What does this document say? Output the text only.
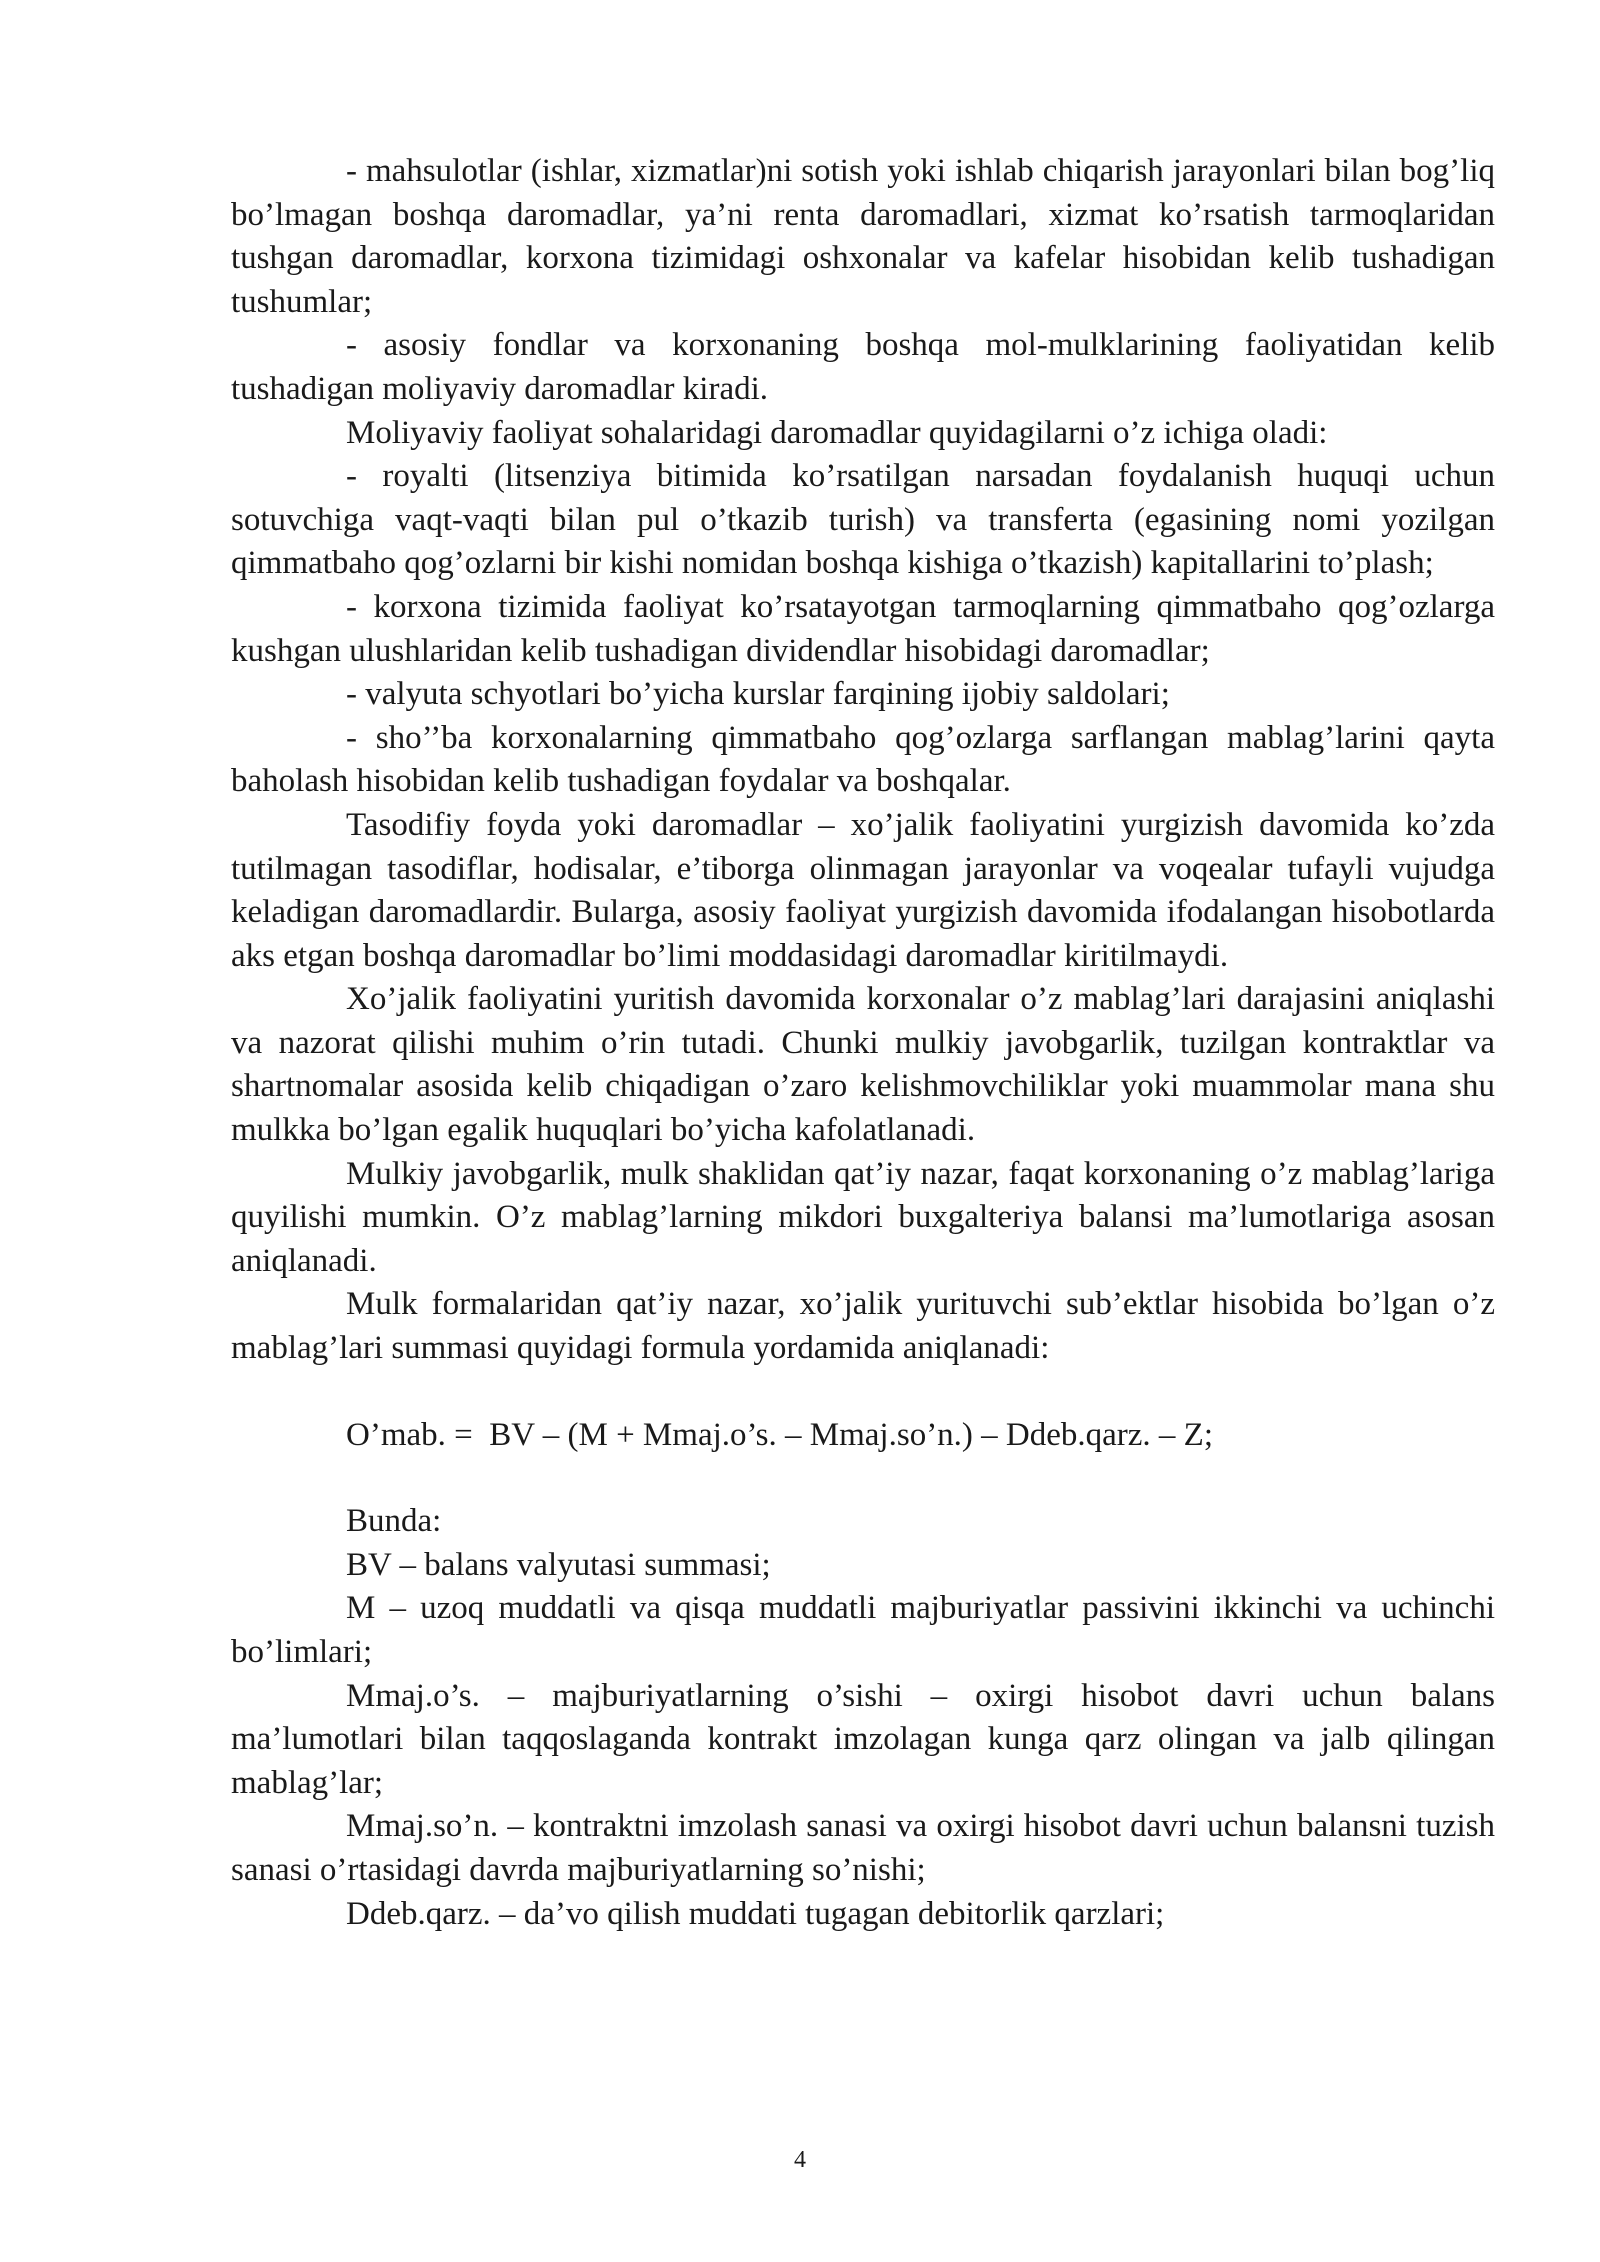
- mahsulotlar (ishlar, xizmatlar)ni sotish yoki ishlab chiqarish jarayonlari bilan bog’liq bo’lmagan boshqa daromadlar, ya’ni renta daromadlari, xizmat ko’rsatish tarmoqlaridan tushgan daromadlar, korxona tizimidagi oshxonalar va kafelar hisobidan kelib tushadigan tushumlar;

- asosiy fondlar va korxonaning boshqa mol-mulklarining faoliyatidan kelib tushadigan moliyaviy daromadlar kiradi.

Moliyaviy faoliyat sohalaridagi daromadlar quyidagilarni o’z ichiga oladi:

- royalti (litsenziya bitimida ko’rsatilgan narsadan foydalanish huquqi uchun sotuvchiga vaqt-vaqti bilan pul o’tkazib turish) va transferta (egasining nomi yozilgan qimmatbaho qog’ozlarni bir kishi nomidan boshqa kishiga o’tkazish) kapitallarini to’plash;

- korxona tizimida faoliyat ko’rsatayotgan tarmoqlarning qimmatbaho qog’ozlarga kushgan ulushlaridan kelib tushadigan dividendlar hisobidagi daromadlar;

- valyuta schyotlari bo’yicha kurslar farqining ijobiy saldolari;

- sho’’ba korxonalarning qimmatbaho qog’ozlarga sarflangan mablag’larini qayta baholash hisobidan kelib tushadigan foydalar va boshqalar.

Tasodifiy foyda yoki daromadlar – xo’jalik faoliyatini yurgizish davomida ko’zda tutilmagan tasodiflar, hodisalar, e’tiborga olinmagan jarayonlar va voqealar tufayli vujudga keladigan daromadlardir. Bularga, asosiy faoliyat yurgizish davomida ifodalangan hisobotlarda aks etgan boshqa daromadlar bo’limi moddasidagi daromadlar kiritilmaydi.

Xo’jalik faoliyatini yuritish davomida korxonalar o’z mablag’lari darajasini aniqlashi va nazorat qilishi muhim o’rin tutadi. Chunki mulkiy javobgarlik, tuzilgan kontraktlar va shartnomalar asosida kelib chiqadigan o’zaro kelishmovchiliklar yoki muammolar mana shu mulkka bo’lgan egalik huquqlari bo’yicha kafolatlanadi.

Mulkiy javobgarlik, mulk shaklidan qat’iy nazar, faqat korxonaning o’z mablag’lariga quyilishi mumkin. O’z mablag’larning mikdori buxgalteriya balansi ma’lumotlariga asosan aniqlanadi.

Mulk formalaridan qat’iy nazar, xo’jalik yurituvchi sub’ektlar hisobida bo’lgan o’z mablag’lari summasi quyidagi formula yordamida aniqlanadi:

O’mab. =  BV – (M + Mmaj.o’s. – Mmaj.so’n.) – Ddeb.qarz. – Z;

Bunda:

BV – balans valyutasi summasi;

M – uzoq muddatli va qisqa muddatli majburiyatlar passivini ikkinchi va uchinchi bo’limlari;

Mmaj.o’s. – majburiyatlarning o’sishi – oxirgi hisobot davri uchun balans ma’lumotlari bilan taqqoslaganda kontrakt imzolagan kunga qarz olingan va jalb qilingan mablag’lar;

Mmaj.so’n. – kontraktni imzolash sanasi va oxirgi hisobot davri uchun balansni tuzish sanasi o’rtasidagi davrda majburiyatlarning so’nishi;

Ddeb.qarz. – da’vo qilish muddati tugagan debitorlik qarzlari;

4
